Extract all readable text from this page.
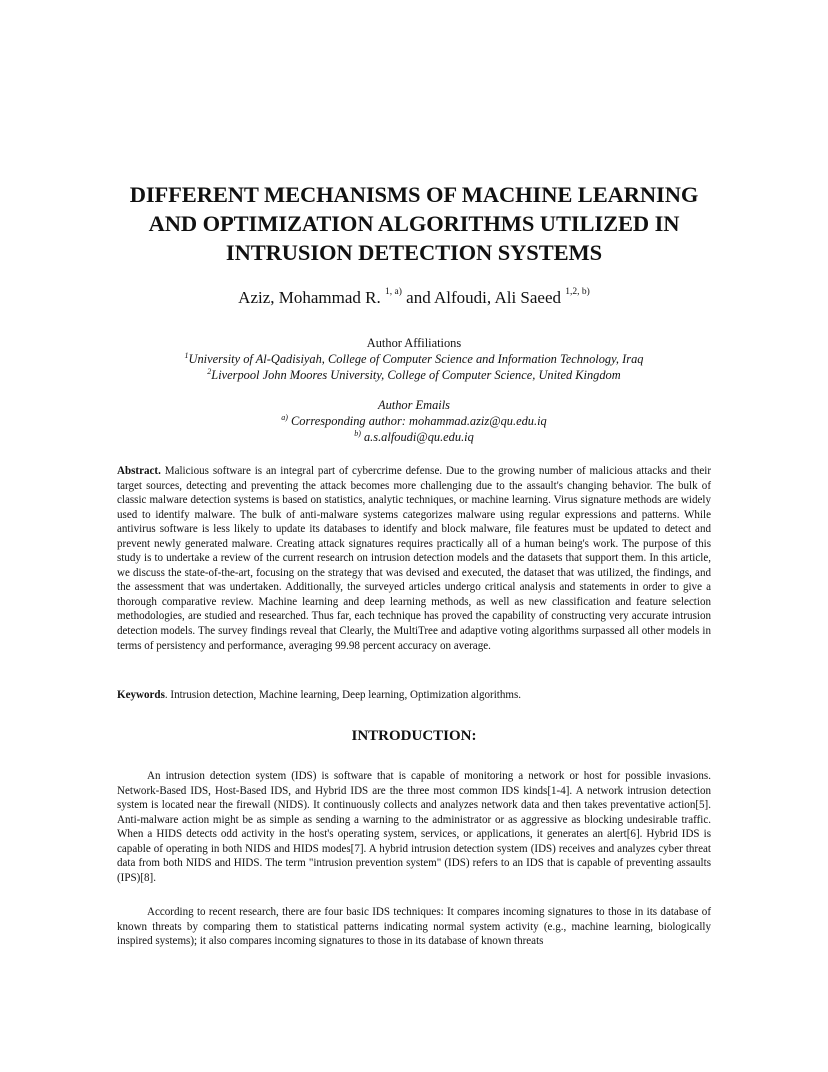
DIFFERENT MECHANISMS OF MACHINE LEARNING
AND OPTIMIZATION ALGORITHMS UTILIZED IN
INTRUSION DETECTION SYSTEMS
Aziz, Mohammad R. $^{1, a)}$ and Alfoudi, Ali Saeed $^{1,2, b)}$
Author Affiliations
$^1$University of Al-Qadisiyah, College of Computer Science and Information Technology, Iraq
$^2$Liverpool John Moores University, College of Computer Science, United Kingdom
Author Emails
$^{a)}$ Corresponding author: mohammad.aziz@qu.edu.iq
$^{b)}$ a.s.alfoudi@qu.edu.iq

Abstract. Malicious software is an integral part of cybercrime defense. Due to the growing number of malicious attacks and their target sources, detecting and preventing the attack becomes more challenging due to the assault's changing behavior. The bulk of classic malware detection systems is based on statistics, analytic techniques, or machine learning. Virus signature methods are widely used to identify malware. The bulk of anti-malware systems categorizes malware using regular expressions and patterns. While antivirus software is less likely to update its databases to identify and block malware, file features must be updated to detect and prevent newly generated malware. Creating attack signatures requires practically all of a human being's work. The purpose of this study is to undertake a review of the current research on intrusion detection models and the datasets that support them. In this article, we discuss the state-of-the-art, focusing on the strategy that was devised and executed, the dataset that was utilized, the findings, and the assessment that was undertaken. Additionally, the surveyed articles undergo critical analysis and statements in order to give a thorough comparative review. Machine learning and deep learning methods, as well as new classification and feature selection methodologies, are studied and researched. Thus far, each technique has proved the capability of constructing very accurate intrusion detection models. The survey findings reveal that Clearly, the MultiTree and adaptive voting algorithms surpassed all other models in terms of persistency and performance, averaging 99.98 percent accuracy on average.

Keywords. Intrusion detection, Machine learning, Deep learning, Optimization algorithms.

INTRODUCTION:

An intrusion detection system (IDS) is software that is capable of monitoring a network or host for possible invasions. Network-Based IDS, Host-Based IDS, and Hybrid IDS are the three most common IDS kinds[1-4]. A network intrusion detection system is located near the firewall (NIDS). It continuously collects and analyzes network data and then takes preventative action[5]. Anti-malware action might be as simple as sending a warning to the administrator or as aggressive as blocking undesirable traffic. When a HIDS detects odd activity in the host's operating system, services, or applications, it generates an alert[6]. Hybrid IDS is capable of operating in both NIDS and HIDS modes[7]. A hybrid intrusion detection system (IDS) receives and analyzes cyber threat data from both NIDS and HIDS. The term "intrusion prevention system" (IDS) refers to an IDS that is capable of preventing assaults (IPS)[8].

According to recent research, there are four basic IDS techniques: It compares incoming signatures to those in its database of known threats by comparing them to statistical patterns indicating normal system activity (e.g., machine learning, biologically inspired systems); it also compares incoming signatures to those in its database of known threats
